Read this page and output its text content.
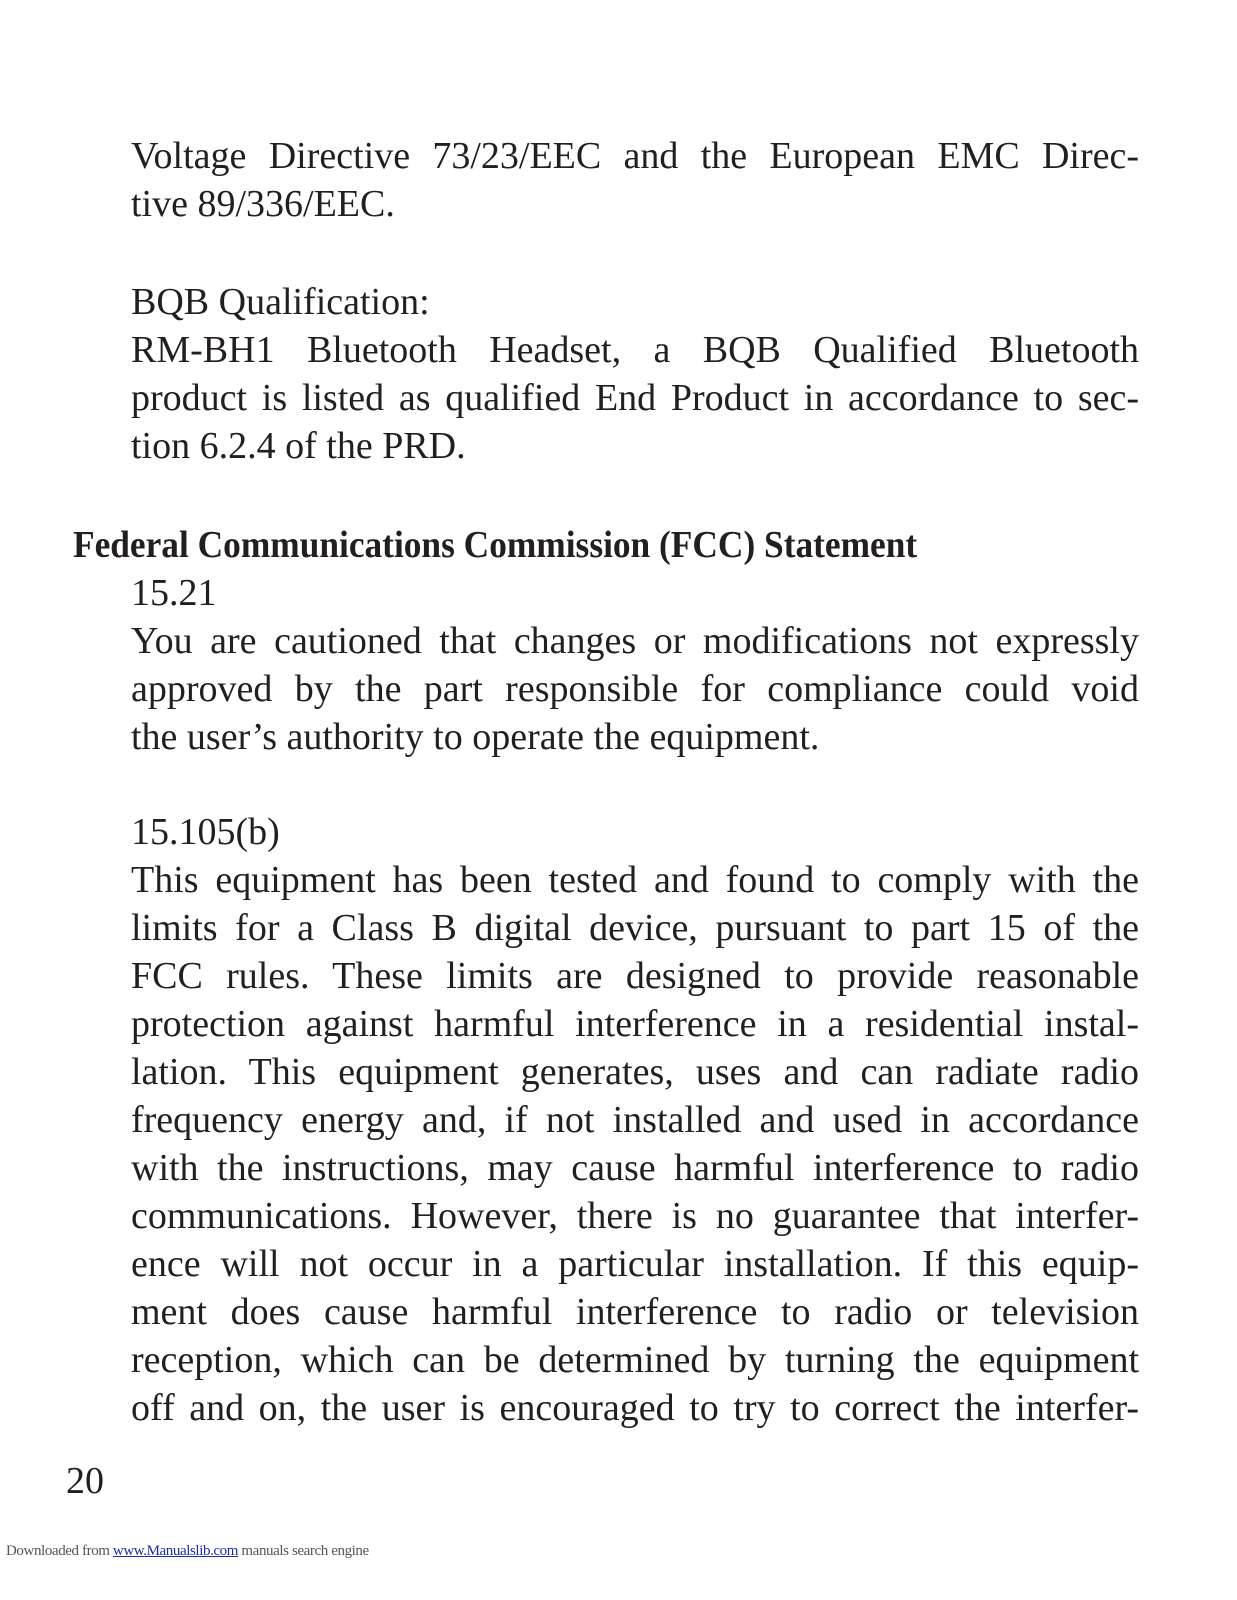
Voltage Directive 73/23/EEC and the European EMC Direc-
tive 89/336/EEC.
BQB Qualification:
RM-BH1 Bluetooth Headset, a BQB Qualified Bluetooth
product is listed as qualified End Product in accordance to sec-
tion 6.2.4 of the PRD.
Federal Communications Commission (FCC) Statement

15.21

You are cautioned that changes or modifications not expressly
approved by the part responsible for compliance could void
the user’s authority to operate the equipment.

15.105(b)

This equipment has been tested and found to comply with the
limits for a Class B digital device, pursuant to part 15 of the
FCC rules. These limits are designed to provide reasonable
protection against harmful interference in a residential instal-
lation. This equipment generates, uses and can radiate radio
frequency energy and, if not installed and used in accordance
with the instructions, may cause harmful interference to radio
communications. However, there is no guarantee that interfer-
ence will not occur in a particular installation. If this equip-
ment does cause harmful interference to radio or television
reception, which can be determined by turning the equipment
off and on, the user is encouraged to try to correct the interfer-

20

Downloaded from www.Manualslib.com manuals search engine
